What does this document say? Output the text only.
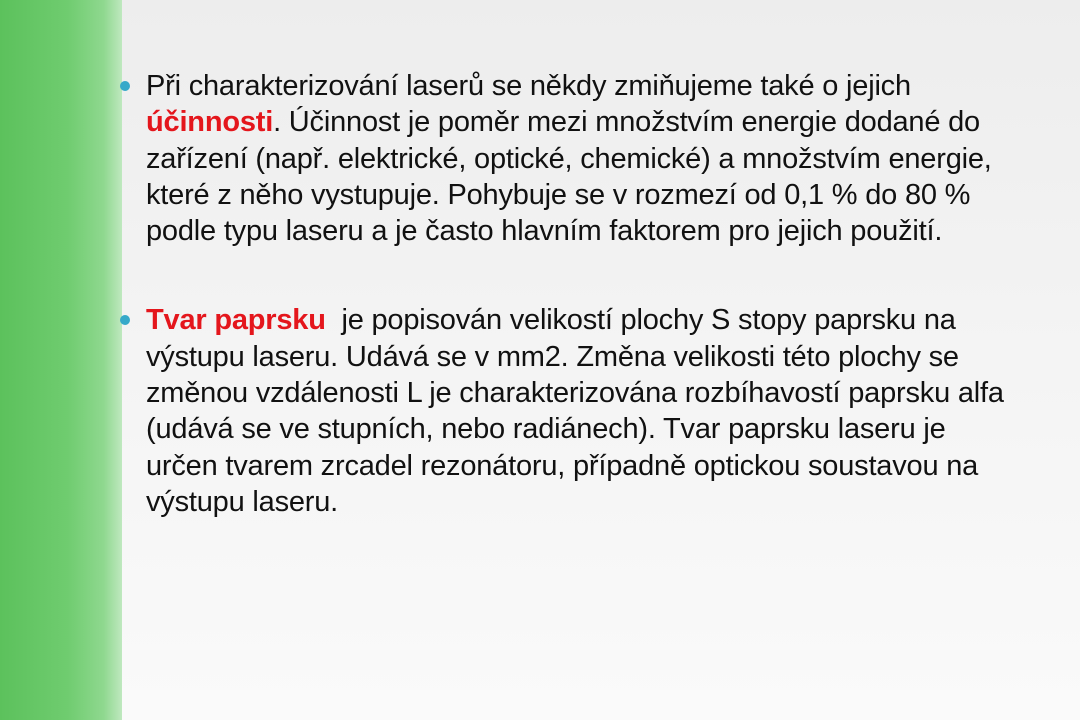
Při charakterizování laserů se někdy zmiňujeme také o jejich účinnosti. Účinnost je poměr mezi množstvím energie dodané do zařízení (např. elektrické, optické, chemické) a množstvím energie, které z něho vystupuje. Pohybuje se v rozmezí od 0,1 % do 80 % podle typu laseru a je často hlavním faktorem pro jejich použití.
Tvar paprsku  je popisován velikostí plochy S stopy paprsku na výstupu laseru. Udává se v mm2. Změna velikosti této plochy se změnou vzdálenosti L je charakterizována rozbíhavostí paprsku alfa (udává se ve stupních, nebo radiánech). Tvar paprsku laseru je určen tvarem zrcadel rezonátoru, případně optickou soustavou na výstupu laseru.
